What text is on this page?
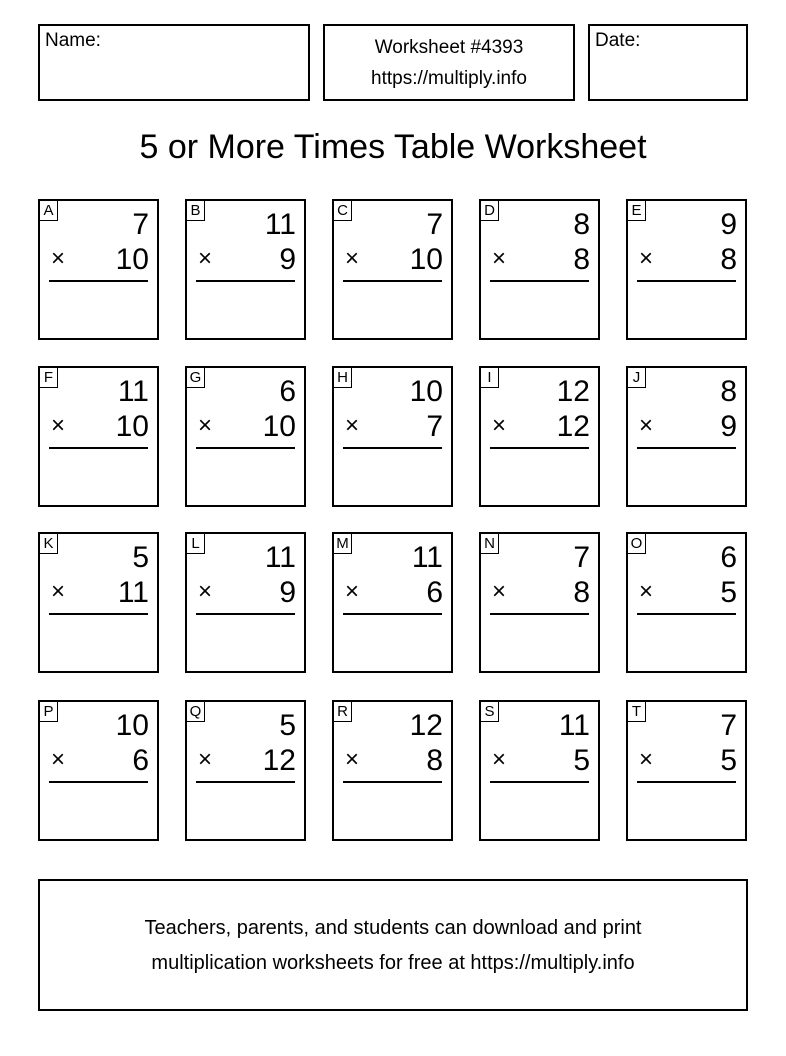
Name:	Worksheet #4393
https://multiply.info
Date:
5 or More Times Table Worksheet
A	7
× 10
B 11
× 9
C	7
× 10
D	8
× 8
E	9
× 8
F 11
× 10
G	6
× 10
H 10
× 7
I 12
× 12
J	8
× 9
K	5
× 11
L 11
× 9
M 11
× 6
N	7
× 8
O	6
× 5
P 10
× 6
Q	5
× 12
R 12
× 8
S 11
× 5
T	7
× 5
Teachers, parents, and students can download and print
multiplication worksheets for free at https://multiply.info
